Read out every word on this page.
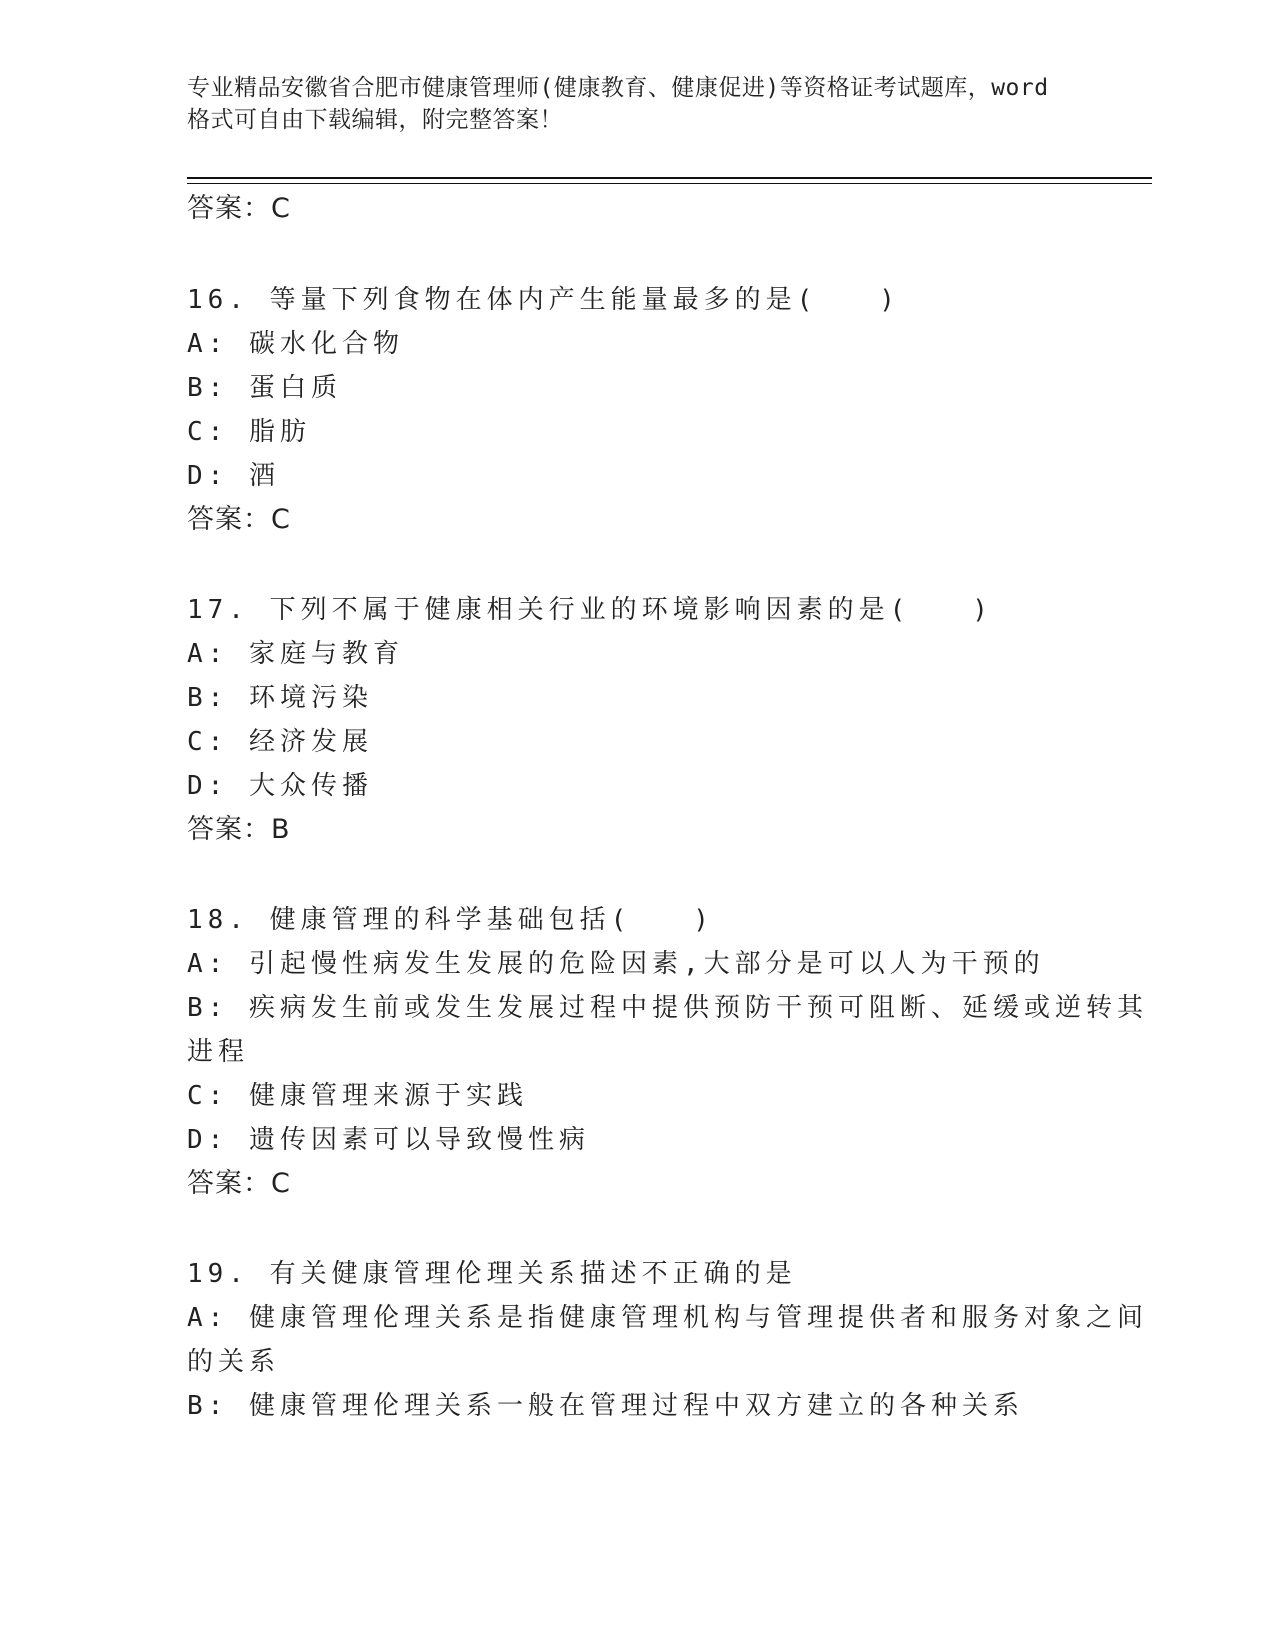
专业精品安徽省合肥市健康管理师(健康教育、健康促进)等资格证考试题库，word
格式可自由下载编辑，附完整答案！
答案：C
16. 等量下列食物在体内产生能量最多的是(　　)
A: 碳水化合物
B: 蛋白质
C: 脂肪
D: 酒
答案：C
17. 下列不属于健康相关行业的环境影响因素的是(　　)
A: 家庭与教育
B: 环境污染
C: 经济发展
D: 大众传播
答案：B
18. 健康管理的科学基础包括(　　)
A: 引起慢性病发生发展的危险因素,大部分是可以人为干预的
B: 疾病发生前或发生发展过程中提供预防干预可阻断、延缓或逆转其
进程
C: 健康管理来源于实践
D: 遗传因素可以导致慢性病
答案：C
19. 有关健康管理伦理关系描述不正确的是
A: 健康管理伦理关系是指健康管理机构与管理提供者和服务对象之间
的关系
B: 健康管理伦理关系一般在管理过程中双方建立的各种关系
